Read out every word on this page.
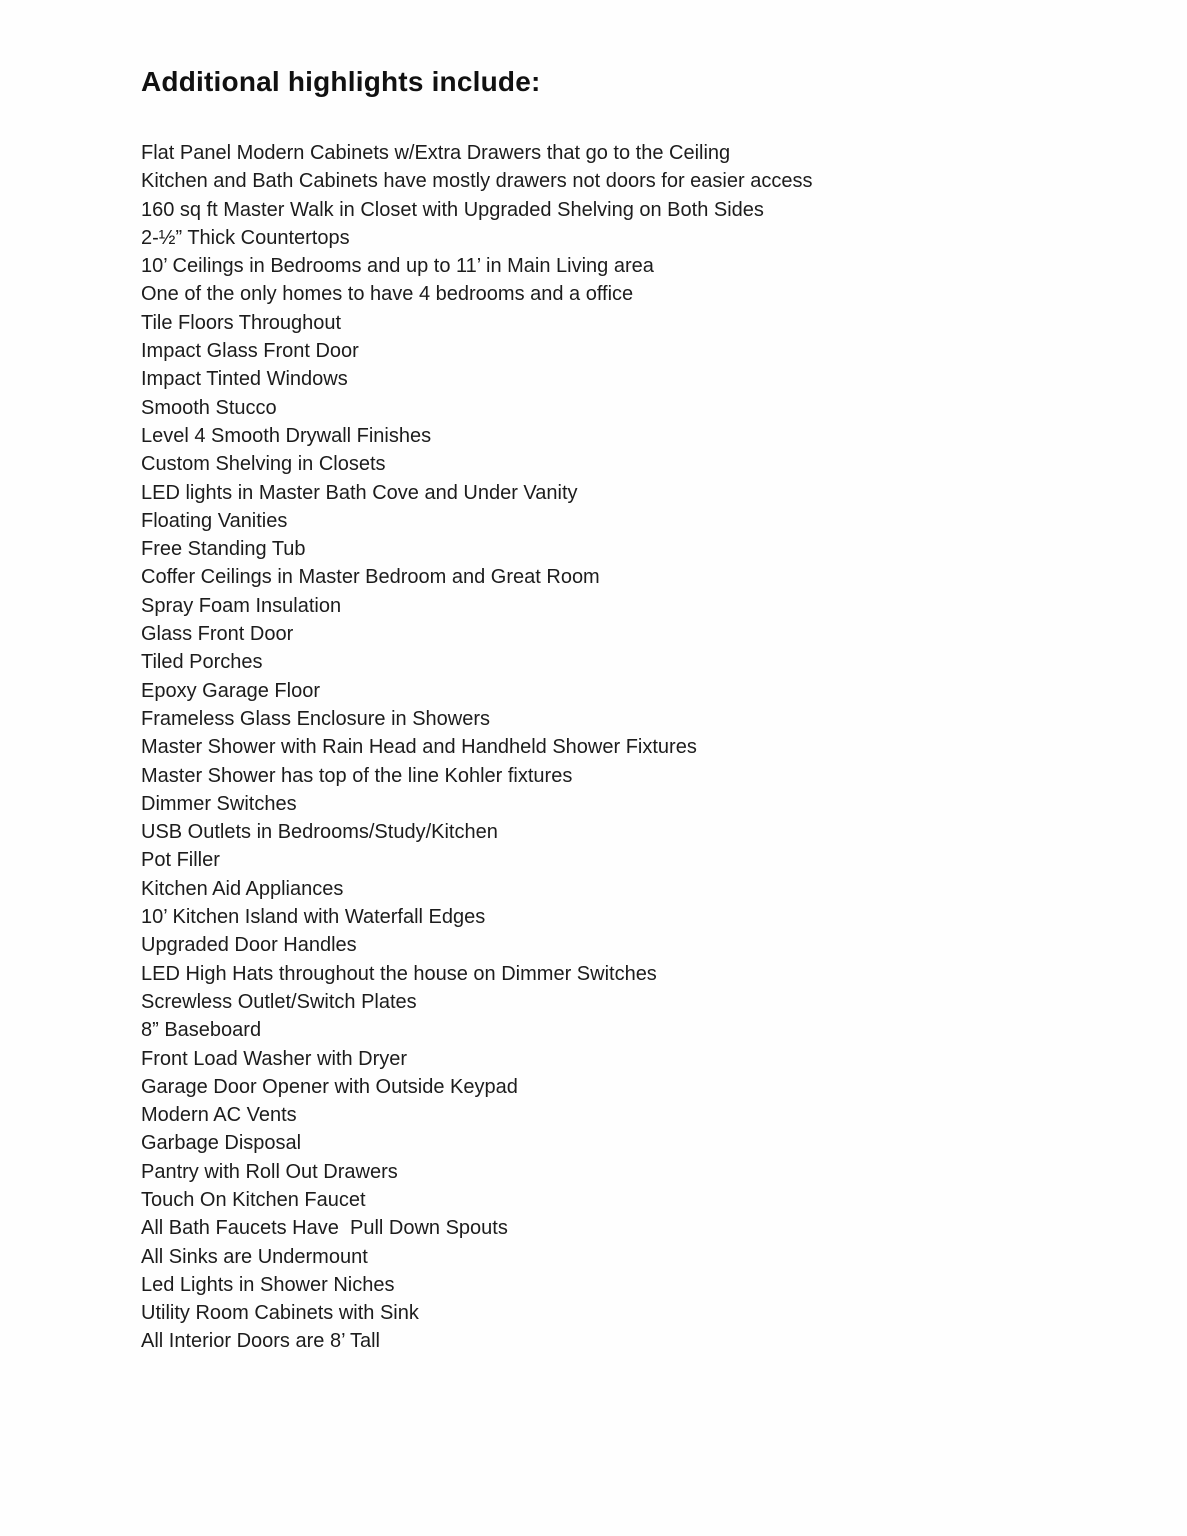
Additional highlights include:
Flat Panel Modern Cabinets w/Extra Drawers that go to the Ceiling
Kitchen and Bath Cabinets have mostly drawers not doors for easier access
160 sq ft Master Walk in Closet with Upgraded Shelving on Both Sides
2-½” Thick Countertops
10’ Ceilings in Bedrooms and up to 11’ in Main Living area
One of the only homes to have 4 bedrooms and a office
Tile Floors Throughout
Impact Glass Front Door
Impact Tinted Windows
Smooth Stucco
Level 4 Smooth Drywall Finishes
Custom Shelving in Closets
LED lights in Master Bath Cove and Under Vanity
Floating Vanities
Free Standing Tub
Coffer Ceilings in Master Bedroom and Great Room
Spray Foam Insulation
Glass Front Door
Tiled Porches
Epoxy Garage Floor
Frameless Glass Enclosure in Showers
Master Shower with Rain Head and Handheld Shower Fixtures
Master Shower has top of the line Kohler fixtures
Dimmer Switches
USB Outlets in Bedrooms/Study/Kitchen
Pot Filler
Kitchen Aid Appliances
10’ Kitchen Island with Waterfall Edges
Upgraded Door Handles
LED High Hats throughout the house on Dimmer Switches
Screwless Outlet/Switch Plates
8” Baseboard
Front Load Washer with Dryer
Garage Door Opener with Outside Keypad
Modern AC Vents
Garbage Disposal
Pantry with Roll Out Drawers
Touch On Kitchen Faucet
All Bath Faucets Have  Pull Down Spouts
All Sinks are Undermount
Led Lights in Shower Niches
Utility Room Cabinets with Sink
All Interior Doors are 8’ Tall
